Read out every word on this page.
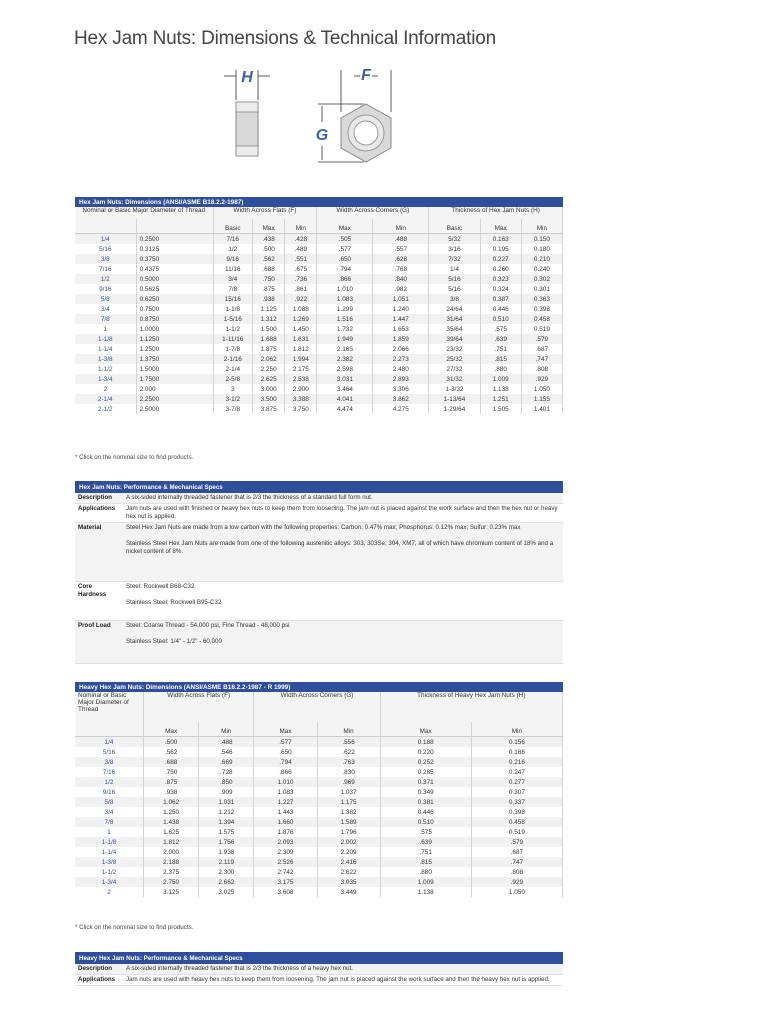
Hex Jam Nuts: Dimensions & Technical Information
H	F
G
Hex Jam Nuts: Dimensions (ANSI/ASME B18.2.2-1987)									
Nominal or Basic Major Diameter of Thread		Width Across Flats (F)			Width Across Corners (G)		Thickness of Hex Jam Nuts (H)		
		Basic	Max	Min	Max	Min	Basic	Max	Min
1/4	0.2500	7/16	.438	.428	.505	.488	5/32	0.163	0.150
5/16	0.3125	1/2	.500	.489	.577	.557	3/16	0.195	0.180
3/8	0.3750	9/16	.562	.551	.650	.628	7/32	0.227	0.210
7/16	0.4375	11/16	.688	.675	.794	.768	1/4	0.260	0.240
1/2	0.5000	3/4	.750	.736	.866	.840	5/16	0.323	0.302
9/16	0.5625	7/8	.875	.861	1.010	.982	5/16	0.324	0.301
5/8	0.6250	15/16	.938	.922	1.083	1.051	3/8	0.387	0.363
3/4	0.7500	1-1/8	1.125	1.088	1.299	1.240	24/64	0.446	0.398
7/8	0.8750	1-5/16	1.312	1.269	1.516	1.447	31/64	0.510	0.458
1	1.0000	1-1/2	1.500	1.450	1.732	1.653	35/64	.575	0.519
1-1/8	1.1250	1-11/16	1.688	1.631	1.949	1.859	39/64	.639	.579
1-1/4	1.2500	1-7/8	1.875	1.812	2.165	2.066	23/32	.751	.687
1-3/8	1.3750	2-1/16	2.062	1.994	2.382	2.273	25/32	.815	.747
1-1/2	1.5000	2-1/4	2.250	2.175	2.598	2.480	27/32	.880	.808
1-3/4	1.7500	2-5/8	2.625	2.538	3.031	2.893	31/32	1.009	.929
2	2.000	3	3.000	2.900	3.464	3.306	1-3/32	1.138	1.050
2-1/4	2.2500	3-1/2	3.500	3.388	4.041	3.862	1-13/64	1.251	1.155
2-1/2	2.5000	3-7/8	3.875	3.750	4.474	4.275	1-29/64	1.505	1.401
* Click on the nominal size to find products.
Hex Jam Nuts: Performance & Mechanical Specs	
Description	A six-sided internally threaded fastener that is 2/3 the thickness of a standard full form nut.
Applications	Jam nuts are used with finished or heavy hex nuts to keep them from loosening. The jam nut is placed against the work surface and then the hex nut or heavy hex nut is applied.
Material	Steel Hex Jam Nuts are made from a low carbon with the following properties: Carbon: 0.47% max; Phosphorus: 0.12% max; Sulfur: 0.23% max

Stainless Steel Hex Jam Nuts are made from one of the following austenitic alloys: 303, 303Se, 304, XM7, all of which have chromium content of 18% and a nickel content of 8%.

Core Hardness	Steel: Rockwell B68-C32

Stainless Steel: Rockwell B95-C32

Proof Load	Steel: Coarse Thread - 54,000 psi, Fine Thread - 48,000 psi

Stainless Steel: 1/4" - 1/2" - 60,000

Heavy Hex Jam Nuts: Dimensions (ANSI/ASME B18.2.2-1987 - R 1999)						
Nominal or Basic Major Diameter of Thread	Width Across Flats (F)		Width Across Corners (G)		Thickness of Heavy Hex Jam Nuts (H)	
	Max	Min	Max	Min	Max	Min
1/4	.500	.488	.577	.556	0.188	0.156
5/16	.562	.546	.650	.622	0.220	0.186
3/8	.688	.669	.794	.763	0.252	0.216
7/16	.750	.728	.866	.830	0.285	0.247
1/2	.875	.850	1.010	.969	0.371	0.277
9/16	.938	.909	1.083	1.037	0.349	0.307
5/8	1.062	1.031	1.227	1.175	0.381	0.337
3/4	1.250	1.212	1.443	1.382	0.446	0.398
7/8	1.438	1.394	1.660	1.589	0.510	0.458
1	1.625	1.575	1.876	1.796	.575	0.519
1-1/8	1.812	1.756	2.093	2.002	.639	.579
1-1/4	2.000	1.938	2.309	2.209	.751	.687
1-3/8	2.188	2.119	2.526	2.416	.815	.747
1-1/2	2.375	2.300	2.742	2.622	.880	.808
1-3/4	2.750	2.662	3.175	3.035	1.009	.929
2	3.125	3.025	3.608	3.449	1.138	1.050
* Click on the nominal size to find products.
Heavy Hex Jam Nuts: Performance & Mechanical Specs	
Description	A six-sided internally threaded fastener that is 2/3 the thickness of a heavy hex nut.
Applications	Jam nuts are used with heavy hex nuts to keep them from loosening. The jam nut is placed against the work surface and then the heavy hex nut is applied.
